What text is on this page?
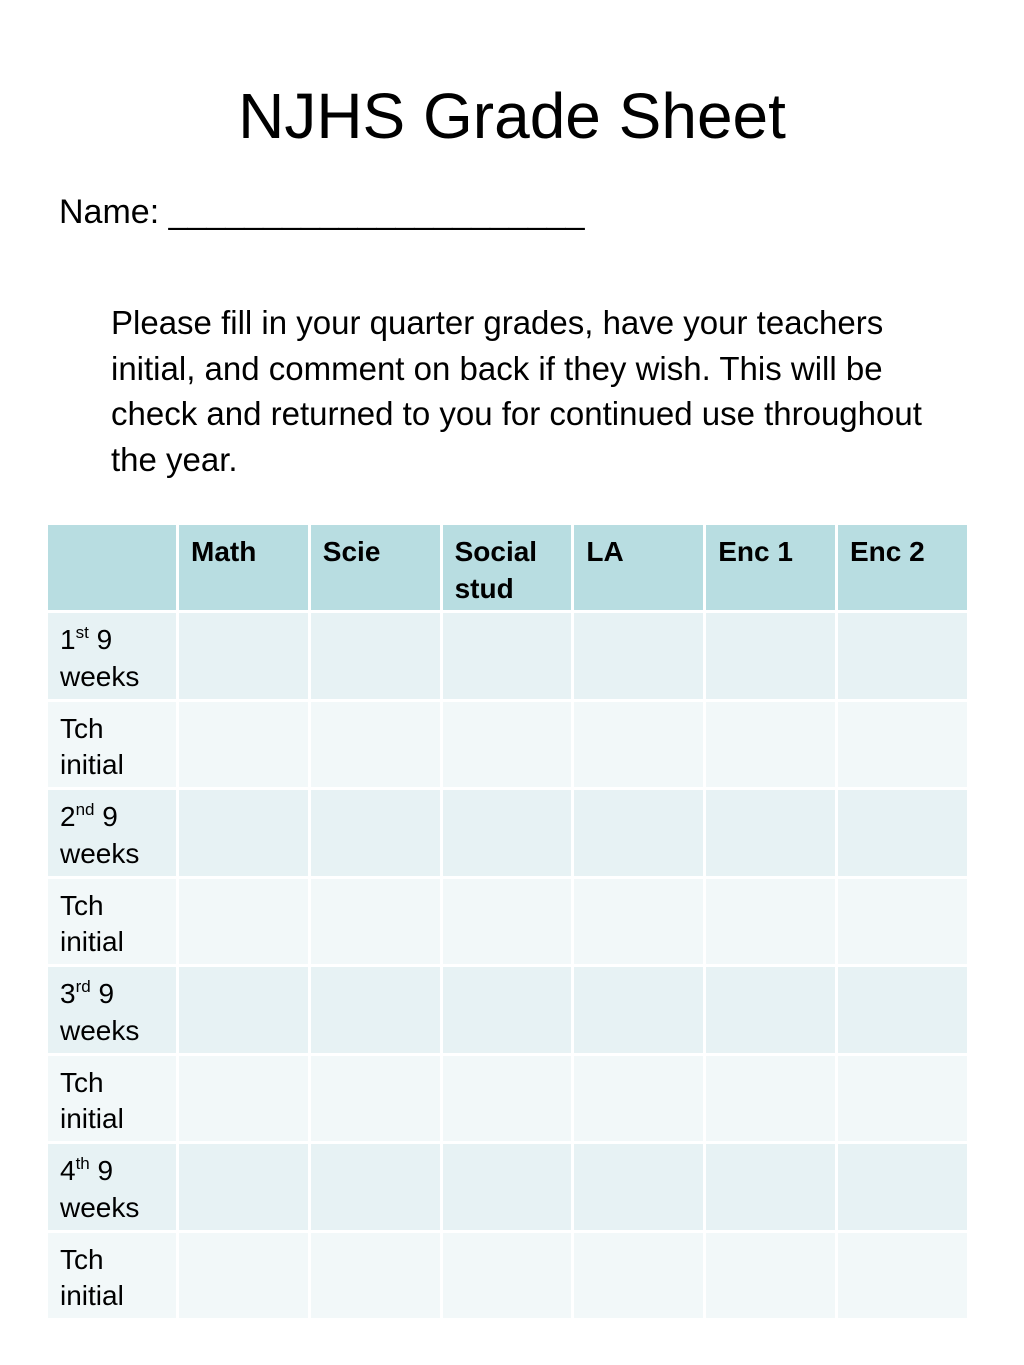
NJHS Grade Sheet
Name: ______________________

Please fill in your quarter grades, have your teachers initial, and comment on back if they wish. This will be check and returned to you for continued use throughout the year.

	Math	Scie	Social stud	LA	Enc 1	Enc 2
1st 9 weeks						
Tch initial						
2nd 9 weeks						
Tch initial						
3rd 9 weeks						
Tch initial						
4th 9 weeks						
Tch initial						
